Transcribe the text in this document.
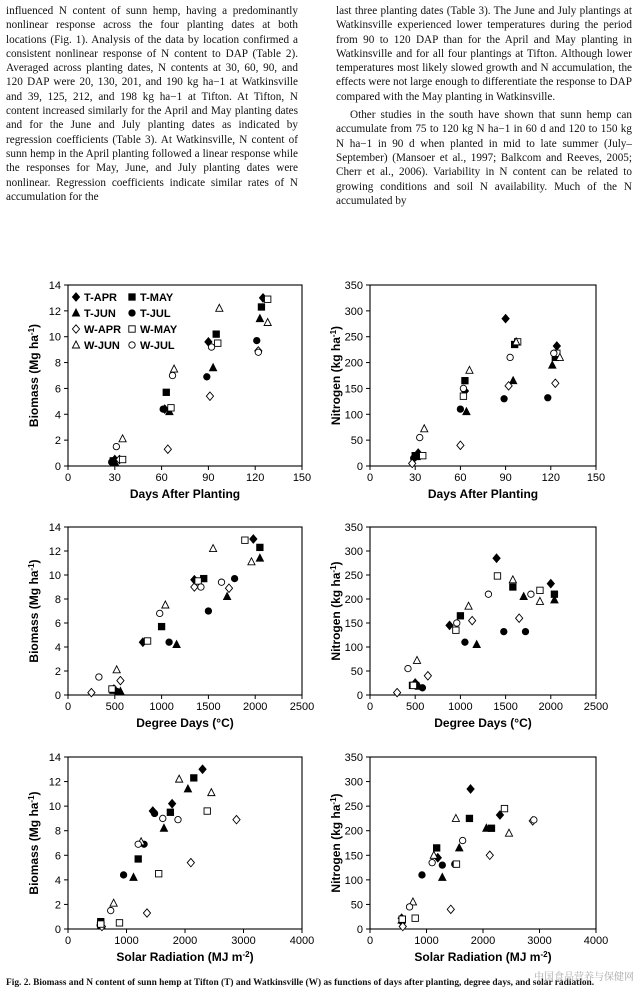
influenced N content of sunn hemp, having a predominantly nonlinear response across the four planting dates at both locations (Fig. 1). Analysis of the data by location confirmed a consistent nonlinear response of N content to DAP (Table 2). Averaged across planting dates, N contents at 30, 60, 90, and 120 DAP were 20, 130, 201, and 190 kg ha−1 at Watkinsville and 39, 125, 212, and 198 kg ha−1 at Tifton. At Tifton, N content increased similarly for the April and May planting dates and for the June and July planting dates as indicated by regression coefficients (Table 3). At Watkinsville, N content of sunn hemp in the April planting followed a linear response while the responses for May, June, and July planting dates were nonlinear. Regression coefficients indicate similar rates of N accumulation for the

last three planting dates (Table 3). The June and July plantings at Watkinsville experienced lower temperatures during the period from 90 to 120 DAP than for the April and May planting in Watkinsville and for all four plantings at Tifton. Although lower temperatures most likely slowed growth and N accumulation, the effects were not large enough to differentiate the response to DAP compared with the May planting in Watkinsville.

Other studies in the south have shown that sunn hemp can accumulate from 75 to 120 kg N ha−1 in 60 d and 120 to 150 kg N ha−1 in 90 d when planted in mid to late summer (July–September) (Mansoer et al., 1997; Balkcom and Reeves, 2005; Cherr et al., 2006). Variability in N content can be related to growing conditions and soil N availability. Much of the N accumulated by

0	30	60	90	120	150
0
2
4
6
8
10
12
14
Days After Planting
Biomass (Mg $ha^{-1}$)
T-APR T-MAY
T-JUN T-JUL
W-APR W-MAY
W-JUN W-JUL
0	30	60	90	120 150
0
50
100
150
200
250
300
350
Days After Planting
Nitrogen (kg $ha^{-1}$)
0	500 1000 1500 2000 2500
0
2
4
6
8
10
12
14
Degree Days (°C)
Biomass (Mg $ha^{-1}$)
0	500 1000 1500 2000 2500
0
50
100
150
200
250
300
350
Degree Days (°C)
Nitrogen (kg $ha^{-1}$)
0	1000	2000	3000	4000
0
2
4
6
8
10
12
14
Solar Radiation (MJ $m^{-2}$)
Biomass (Mg $ha^{-1}$)
0	1000	2000	3000	4000
0
50
100
150
200
250
300
350
Solar Radiation (MJ $m^{-2}$)
Nitrogen (kg $ha^{-1}$)
Fig. 2. Biomass and N content of sunn hemp at Tifton (T) and Watkinsville (W) as functions of days after planting, degree days, and solar radiation.
中国食品营养与保健网
